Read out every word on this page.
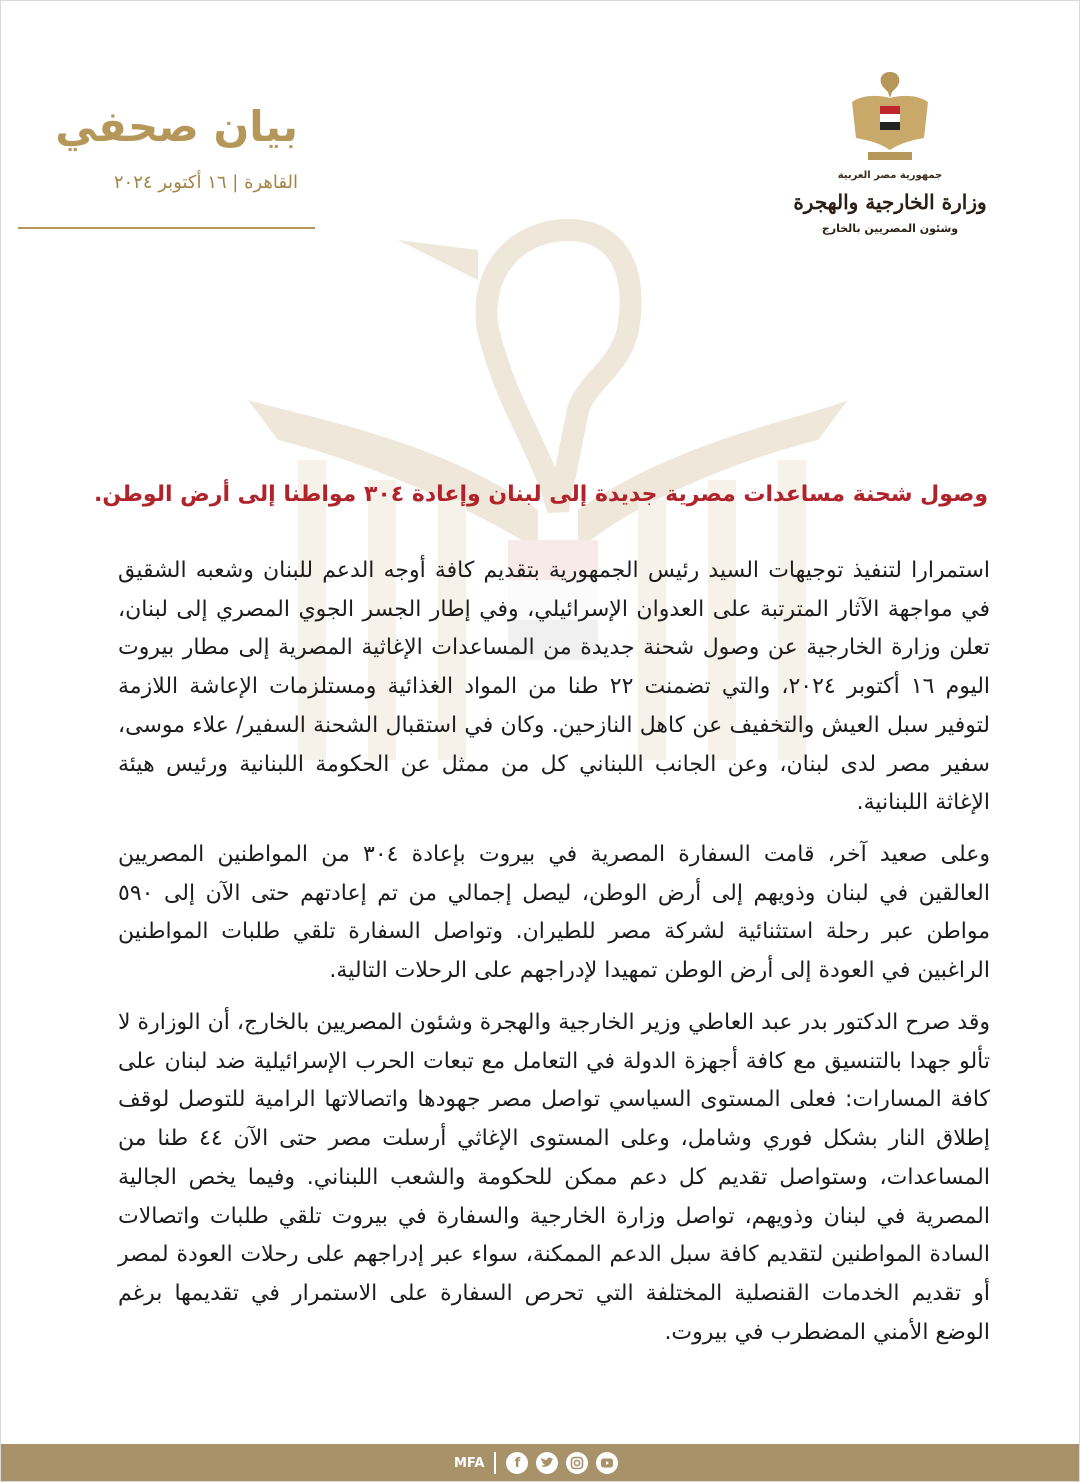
بيان صحفي
القاهرة | ١٦ أكتوبر ٢٠٢٤	جمهورية مصر العربية
وزارة الخارجية والهجرة
وشئون المصريين بالخارج
وصول شحنة مساعدات مصرية جديدة إلى لبنان وإعادة ٣٠٤ مواطنا إلى أرض الوطن.
استمرارا لتنفيذ توجيهات السيد رئيس الجمهورية بتقديم كافة أوجه الدعم للبنان وشعبه الشقيق في مواجهة الآثار المترتبة على العدوان الإسرائيلي، وفي إطار الجسر الجوي المصري إلى لبنان، تعلن وزارة الخارجية عن وصول شحنة جديدة من المساعدات الإغاثية المصرية إلى مطار بيروت اليوم ١٦ أكتوبر ٢٠٢٤، والتي تضمنت ٢٢ طنا من المواد الغذائية ومستلزمات الإعاشة اللازمة لتوفير سبل العيش والتخفيف عن كاهل النازحين. وكان في استقبال الشحنة السفير/ علاء موسى، سفير مصر لدى لبنان، وعن الجانب اللبناني كل من ممثل عن الحكومة اللبنانية ورئيس هيئة الإغاثة اللبنانية.
وعلى صعيد آخر، قامت السفارة المصرية في بيروت بإعادة ٣٠٤ من المواطنين المصريين العالقين في لبنان وذويهم إلى أرض الوطن، ليصل إجمالي من تم إعادتهم حتى الآن إلى ٥٩٠ مواطن عبر رحلة استثنائية لشركة مصر للطيران. وتواصل السفارة تلقي طلبات المواطنين الراغبين في العودة إلى أرض الوطن تمهيدا لإدراجهم على الرحلات التالية.
وقد صرح الدكتور بدر عبد العاطي وزير الخارجية والهجرة وشئون المصريين بالخارج، أن الوزارة لا تألو جهدا بالتنسيق مع كافة أجهزة الدولة في التعامل مع تبعات الحرب الإسرائيلية ضد لبنان على كافة المسارات: فعلى المستوى السياسي تواصل مصر جهودها واتصالاتها الرامية للتوصل لوقف إطلاق النار بشكل فوري وشامل، وعلى المستوى الإغاثي أرسلت مصر حتى الآن ٤٤ طنا من المساعدات، وستواصل تقديم كل دعم ممكن للحكومة والشعب اللبناني. وفيما يخص الجالية المصرية في لبنان وذويهم، تواصل وزارة الخارجية والسفارة في بيروت تلقي طلبات واتصالات السادة المواطنين لتقديم كافة سبل الدعم الممكنة، سواء عبر إدراجهم على رحلات العودة لمصر أو تقديم الخدمات القنصلية المختلفة التي تحرص السفارة على الاستمرار في تقديمها برغم الوضع الأمني المضطرب في بيروت.
MFA f
